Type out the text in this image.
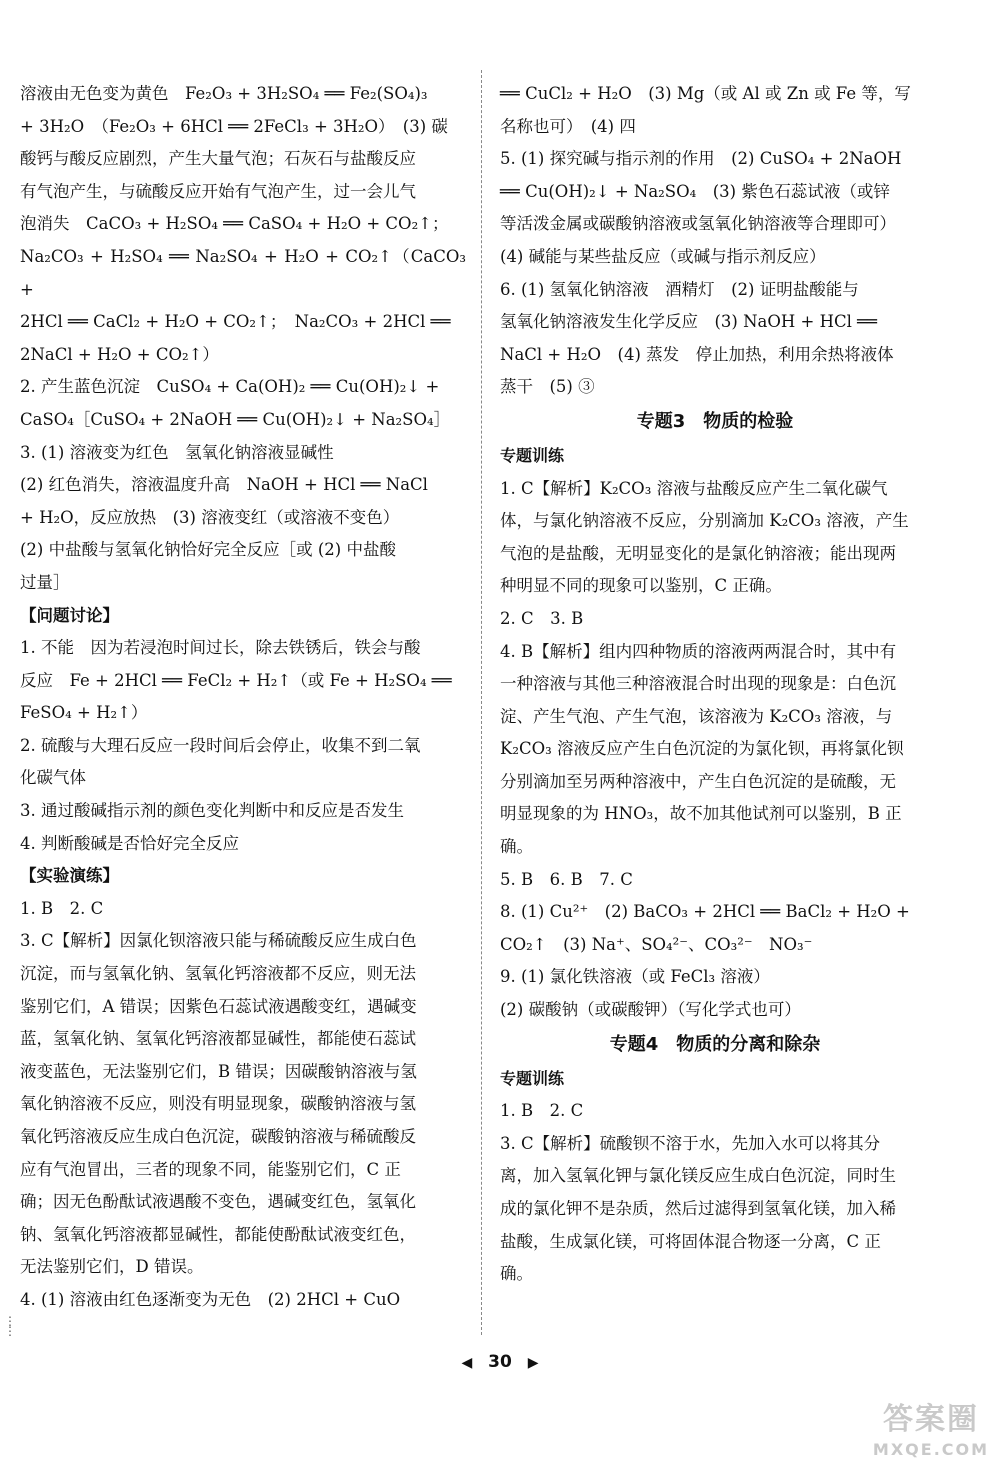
溶液由无色变为黄色　Fe₂O₃ + 3H₂SO₄ ══ Fe₂(SO₄)₃
+ 3H₂O　（Fe₂O₃ + 6HCl ══ 2FeCl₃ + 3H₂O）　(3) 碳
酸钙与酸反应剧烈，产生大量气泡；石灰石与盐酸反应
有气泡产生，与硫酸反应开始有气泡产生，过一会儿气
泡消失　CaCO₃ + H₂SO₄ ══ CaSO₄ + H₂O + CO₂↑；
Na₂CO₃ + H₂SO₄ ══ Na₂SO₄ + H₂O + CO₂↑（CaCO₃ +
2HCl ══ CaCl₂ + H₂O + CO₂↑；　Na₂CO₃ + 2HCl ══
2NaCl + H₂O + CO₂↑）
2. 产生蓝色沉淀　CuSO₄ + Ca(OH)₂ ══ Cu(OH)₂↓ +
CaSO₄［CuSO₄ + 2NaOH ══ Cu(OH)₂↓ + Na₂SO₄］
3. (1) 溶液变为红色　氢氧化钠溶液显碱性
(2) 红色消失，溶液温度升高　NaOH + HCl ══ NaCl
+ H₂O，反应放热　(3) 溶液变红（或溶液不变色）
(2) 中盐酸与氢氧化钠恰好完全反应［或 (2) 中盐酸
过量］
【问题讨论】
1. 不能　因为若浸泡时间过长，除去铁锈后，铁会与酸
反应　Fe + 2HCl ══ FeCl₂ + H₂↑（或 Fe + H₂SO₄ ══
FeSO₄ + H₂↑）
2. 硫酸与大理石反应一段时间后会停止，收集不到二氧
化碳气体
3. 通过酸碱指示剂的颜色变化判断中和反应是否发生
4. 判断酸碱是否恰好完全反应
【实验演练】
1. B　2. C
3. C【解析】因氯化钡溶液只能与稀硫酸反应生成白色
沉淀，而与氢氧化钠、氢氧化钙溶液都不反应，则无法
鉴别它们，A 错误；因紫色石蕊试液遇酸变红，遇碱变
蓝，氢氧化钠、氢氧化钙溶液都显碱性，都能使石蕊试
液变蓝色，无法鉴别它们，B 错误；因碳酸钠溶液与氢
氧化钠溶液不反应，则没有明显现象，碳酸钠溶液与氢
氧化钙溶液反应生成白色沉淀，碳酸钠溶液与稀硫酸反
应有气泡冒出，三者的现象不同，能鉴别它们，C 正
确；因无色酚酞试液遇酸不变色，遇碱变红色，氢氧化
钠、氢氧化钙溶液都显碱性，都能使酚酞试液变红色，
无法鉴别它们，D 错误。
4. (1) 溶液由红色逐渐变为无色　(2) 2HCl + CuO
══ CuCl₂ + H₂O　(3) Mg（或 Al 或 Zn 或 Fe 等，写
名称也可）　(4) 四
5. (1) 探究碱与指示剂的作用　(2) CuSO₄ + 2NaOH
══ Cu(OH)₂↓ + Na₂SO₄　(3) 紫色石蕊试液（或锌
等活泼金属或碳酸钠溶液或氢氧化钠溶液等合理即可）
(4) 碱能与某些盐反应（或碱与指示剂反应）
6. (1) 氢氧化钠溶液　酒精灯　(2) 证明盐酸能与
氢氧化钠溶液发生化学反应　(3) NaOH + HCl ══
NaCl + H₂O　(4) 蒸发　停止加热，利用余热将液体
蒸干　(5) ③
专题3　物质的检验
专题训练
1. C【解析】K₂CO₃ 溶液与盐酸反应产生二氧化碳气
体，与氯化钠溶液不反应，分别滴加 K₂CO₃ 溶液，产生
气泡的是盐酸，无明显变化的是氯化钠溶液；能出现两
种明显不同的现象可以鉴别，C 正确。
2. C　3. B
4. B【解析】组内四种物质的溶液两两混合时，其中有
一种溶液与其他三种溶液混合时出现的现象是：白色沉
淀、产生气泡、产生气泡，该溶液为 K₂CO₃ 溶液，与
K₂CO₃ 溶液反应产生白色沉淀的为氯化钡，再将氯化钡
分别滴加至另两种溶液中，产生白色沉淀的是硫酸，无
明显现象的为 HNO₃，故不加其他试剂可以鉴别，B 正
确。
5. B　6. B　7. C
8. (1) Cu²⁺　(2) BaCO₃ + 2HCl ══ BaCl₂ + H₂O +
CO₂↑　(3) Na⁺、SO₄²⁻、CO₃²⁻　NO₃⁻
9. (1) 氯化铁溶液（或 FeCl₃ 溶液）
(2) 碳酸钠（或碳酸钾）（写化学式也可）
专题4　物质的分离和除杂
专题训练
1. B　2. C
3. C【解析】硫酸钡不溶于水，先加入水可以将其分
离，加入氢氧化钾与氯化镁反应生成白色沉淀，同时生
成的氯化钾不是杂质，然后过滤得到氢氧化镁，加入稀
盐酸，生成氯化镁，可将固体混合物逐一分离，C 正
确。
⋮
⋮
◀ 30 ▶
答案圈
MXQE.COM
